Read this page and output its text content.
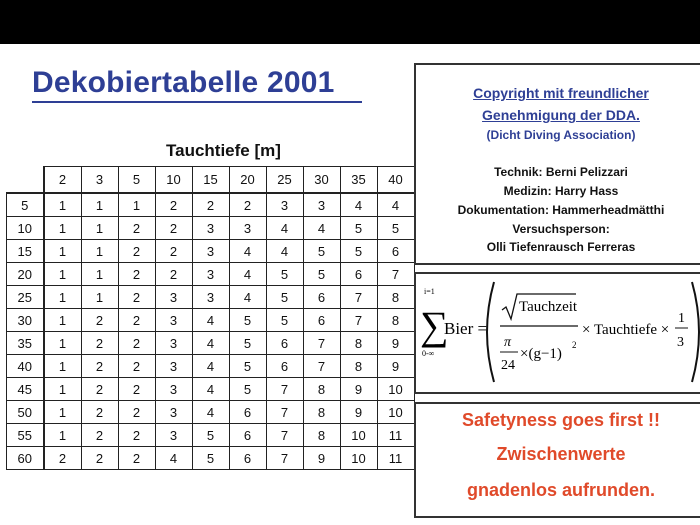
Dekobiertabelle 2001
Tauchtiefe [m]
	2	3	5	10	15	20	25	30	35	40
5	1	1	1	2	2	2	3	3	4	4
10	1	1	2	2	3	3	4	4	5	5
15	1	1	2	2	3	4	4	5	5	6
20	1	1	2	2	3	4	5	5	6	7
25	1	1	2	3	3	4	5	6	7	8
30	1	2	2	3	4	5	5	6	7	8
35	1	2	2	3	4	5	6	7	8	9
40	1	2	2	3	4	5	6	7	8	9
45	1	2	2	3	4	5	7	8	9	10
50	1	2	2	3	4	6	7	8	9	10
55	1	2	2	3	5	6	7	8	10	11
60	2	2	2	4	5	6	7	9	10	11
Copyright mit freundlicher
Genehmigung der DDA.
(Dicht Diving Association)
Technik: Berni Pelizzari
Medizin: Harry Hass
Dokumentation: Hammerheadmätthi
Versuchsperson:
Olli Tiefenrausch Ferreras
i=1
∑
0-∞
Bier =
Tauchzeit
π
24
×(g−1)
2
× Tauchtiefe ×
1
3
Safetyness goes first !!
Zwischenwerte
gnadenlos aufrunden.
